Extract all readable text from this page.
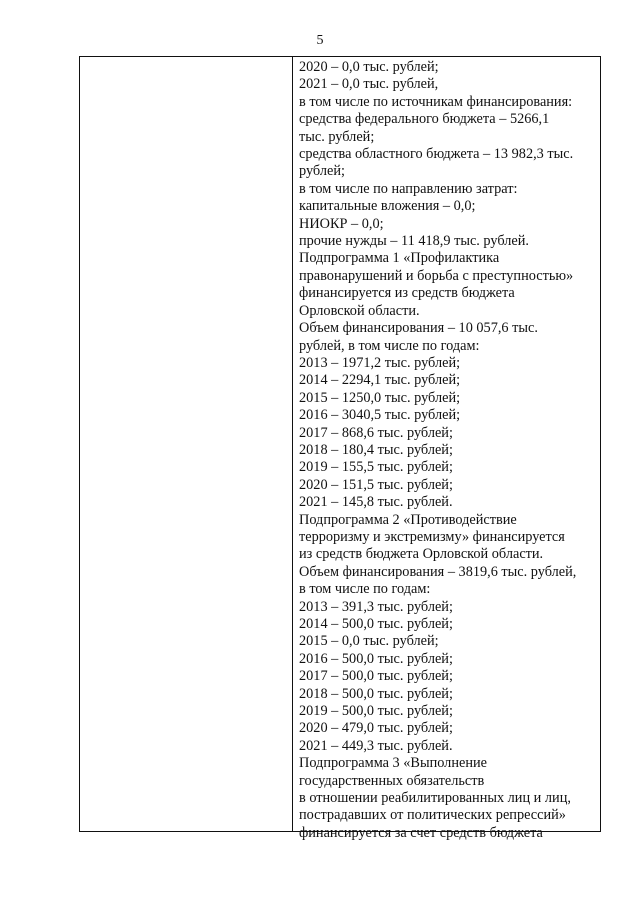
5
2020 – 0,0 тыс. рублей;
2021 – 0,0 тыс. рублей,
в том числе по источникам финансирования:
средства федерального бюджета – 5266,1
тыс. рублей;
средства областного бюджета – 13 982,3 тыс.
рублей;
в том числе по направлению затрат:
капитальные вложения – 0,0;
НИОКР – 0,0;
прочие нужды – 11 418,9 тыс. рублей.
Подпрограмма 1 «Профилактика
правонарушений и борьба с преступностью»
финансируется из средств бюджета
Орловской области.
Объем финансирования – 10 057,6 тыс.
рублей, в том числе по годам:
2013 – 1971,2 тыс. рублей;
2014 – 2294,1 тыс. рублей;
2015 – 1250,0 тыс. рублей;
2016 – 3040,5 тыс. рублей;
2017 – 868,6 тыс. рублей;
2018 – 180,4 тыс. рублей;
2019 – 155,5 тыс. рублей;
2020 – 151,5 тыс. рублей;
2021 – 145,8 тыс. рублей.
Подпрограмма 2 «Противодействие
терроризму и экстремизму» финансируется
из средств бюджета Орловской области.
Объем финансирования – 3819,6 тыс. рублей,
в том числе по годам:
2013 – 391,3 тыс. рублей;
2014 – 500,0 тыс. рублей;
2015 – 0,0 тыс. рублей;
2016 – 500,0 тыс. рублей;
2017 – 500,0 тыс. рублей;
2018 – 500,0 тыс. рублей;
2019 – 500,0 тыс. рублей;
2020 – 479,0 тыс. рублей;
2021 – 449,3 тыс. рублей.
Подпрограмма 3 «Выполнение
государственных обязательств
в отношении реабилитированных лиц и лиц,
пострадавших от политических репрессий»
финансируется за счет средств бюджета
